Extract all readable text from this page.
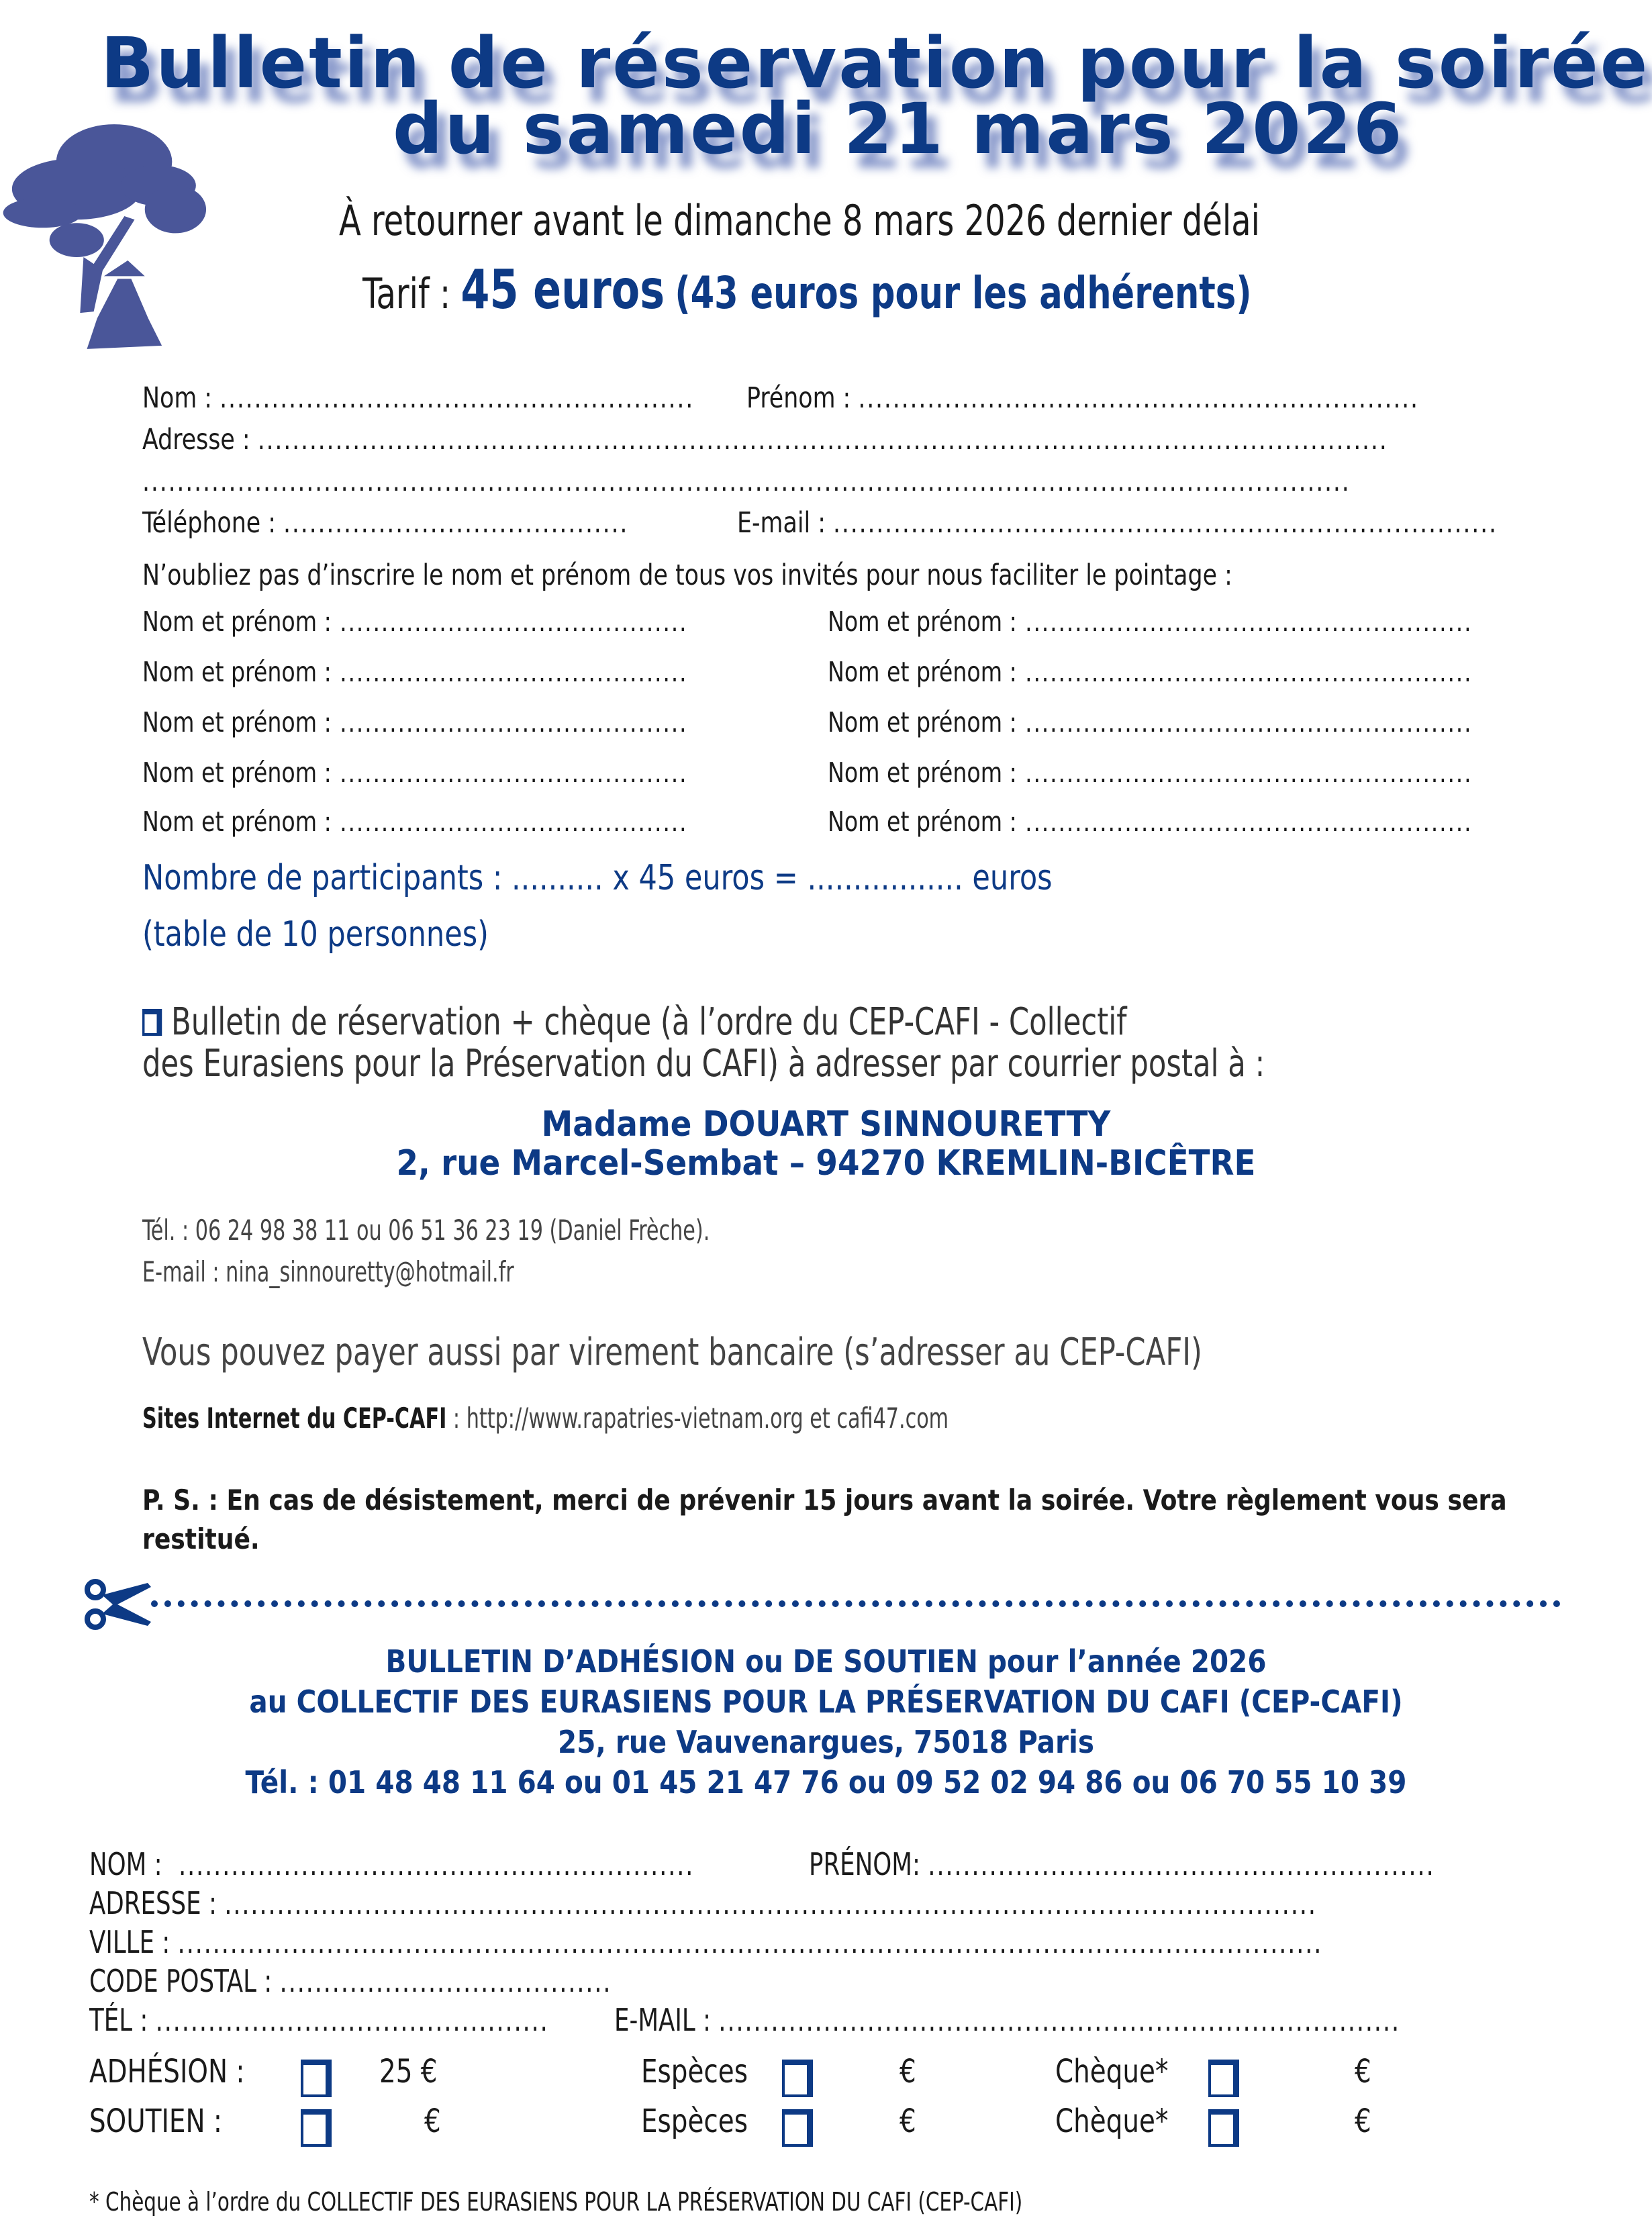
Bulletin de réservation pour la soirée
du samedi 21 mars 2026
À retourner avant le dimanche 8 mars 2026 dernier délai
Tarif : 45 euros (43 euros pour les adhérents)
Nom : ....................................................... Prénom : .................................................................
Adresse : ...................................................................................................................................
............................................................................................................................................
Téléphone : ........................................	E-mail : .............................................................................
N’oubliez pas d’inscrire le nom et prénom de tous vos invités pour nous faciliter le pointage :
Nom et prénom : ..........................................	Nom et prénom : ......................................................
Nom et prénom : ..........................................	Nom et prénom : ......................................................
Nom et prénom : ..........................................	Nom et prénom : ......................................................
Nom et prénom : ..........................................	Nom et prénom : ......................................................
Nom et prénom : ..........................................	Nom et prénom : ......................................................
Nombre de participants : .......... x 45 euros = ................. euros
(table de 10 personnes)
Bulletin de réservation + chèque (à l’ordre du CEP-CAFI - Collectif
des Eurasiens pour la Préservation du CAFI) à adresser par courrier postal à :
Madame DOUART SINNOURETTY
2, rue Marcel-Sembat – 94270 KREMLIN-BICÊTRE
Tél. : 06 24 98 38 11 ou 06 51 36 23 19 (Daniel Frèche).
E-mail : nina_sinnouretty@hotmail.fr
Vous pouvez payer aussi par virement bancaire (s’adresser au CEP-CAFI)
Sites Internet du CEP-CAFI : http://www.rapatries-vietnam.org et cafi47.com
P. S. : En cas de désistement, merci de prévenir 15 jours avant la soirée. Votre règlement vous sera
restitué.
BULLETIN D’ADHÉSION ou DE SOUTIEN pour l’année 2026
au COLLECTIF DES EURASIENS POUR LA PRÉSERVATION DU CAFI (CEP-CAFI)
25, rue Vauvenargues, 75018 Paris
Tél. : 01 48 48 11 64 ou 01 45 21 47 76 ou 09 52 02 94 86 ou 06 70 55 10 39
NOM :  ...........................................................	PRÉNOM: ..........................................................
ADRESSE : .............................................................................................................................
VILLE : ...................................................................................................................................
CODE POSTAL : ......................................
TÉL : ............................................. E-MAIL : ..............................................................................
ADHÉSION :	25 €	Espèces	€	Chèque*	€
SOUTIEN :	€	Espèces	€	Chèque*	€
* Chèque à l’ordre du COLLECTIF DES EURASIENS POUR LA PRÉSERVATION DU CAFI (CEP-CAFI)
